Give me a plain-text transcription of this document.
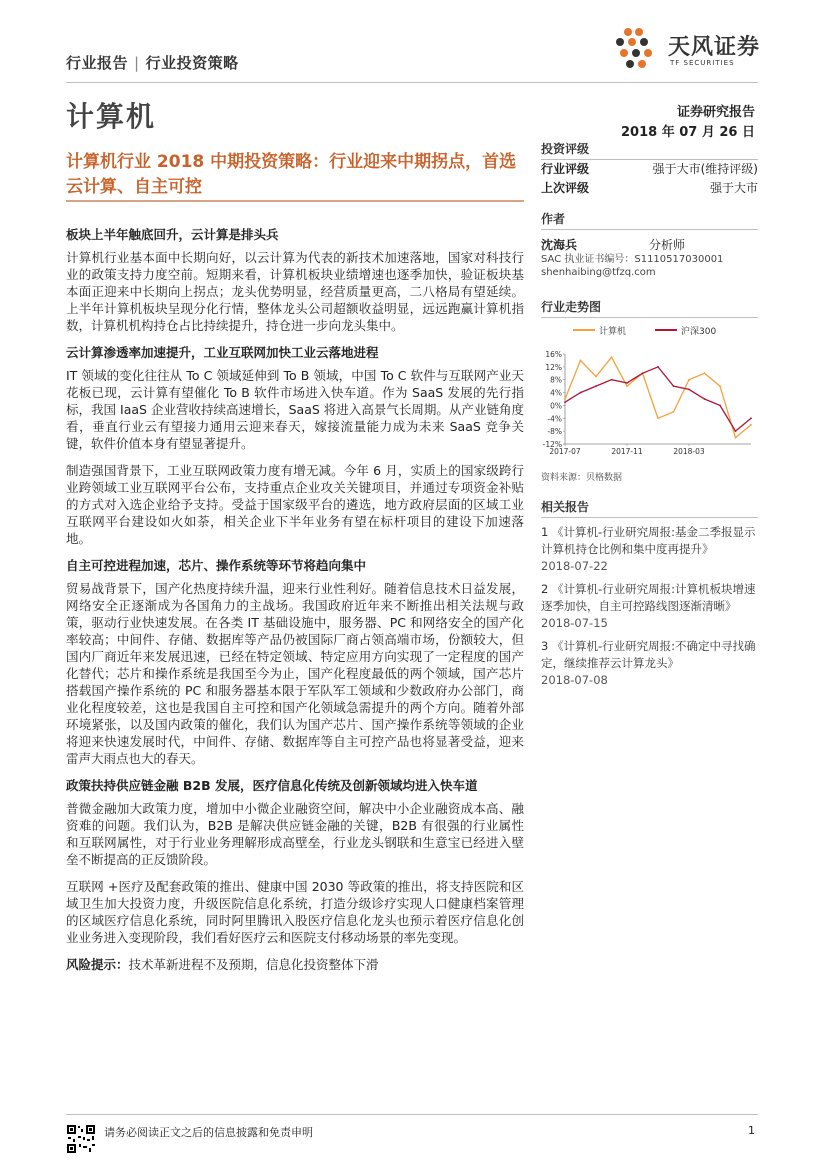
行业报告 | 行业投资策略
计算机
天风证券
TF SECURITIES
证券研究报告
2018 年 07 月 26 日
计算机行业 2018 中期投资策略：行业迎来中期拐点，首选云计算、自主可控
板块上半年触底回升，云计算是排头兵

计算机行业基本面中长期向好，以云计算为代表的新技术加速落地，国家对科技行业的政策支持力度空前。短期来看，计算机板块业绩增速也逐季加快，验证板块基本面正迎来中长期向上拐点；龙头优势明显，经营质量更高，二八格局有望延续。上半年计算机板块呈现分化行情，整体龙头公司超额收益明显，远远跑赢计算机指数，计算机机构持仓占比持续提升，持仓进一步向龙头集中。

云计算渗透率加速提升，工业互联网加快工业云落地进程

IT 领域的变化往往从 To C 领域延伸到 To B 领域，中国 To C 软件与互联网产业天花板已现，云计算有望催化 To B 软件市场进入快车道。作为 SaaS 发展的先行指标，我国 IaaS 企业营收持续高速增长，SaaS 将进入高景气长周期。从产业链角度看，垂直行业云有望接力通用云迎来春天，嫁接流量能力成为未来 SaaS 竞争关键，软件价值本身有望显著提升。

制造强国背景下，工业互联网政策力度有增无减。今年 6 月，实质上的国家级跨行业跨领域工业互联网平台公布，支持重点企业攻关关键项目，并通过专项资金补贴的方式对入选企业给予支持。受益于国家级平台的遴选，地方政府层面的区域工业互联网平台建设如火如荼，相关企业下半年业务有望在标杆项目的建设下加速落地。

自主可控进程加速，芯片、操作系统等环节将趋向集中

贸易战背景下，国产化热度持续升温，迎来行业性利好。随着信息技术日益发展，网络安全正逐渐成为各国角力的主战场。我国政府近年来不断推出相关法规与政策，驱动行业快速发展。在各类 IT 基础设施中，服务器、PC 和网络安全的国产化率较高；中间件、存储、数据库等产品仍被国际厂商占领高端市场，份额较大，但国内厂商近年来发展迅速，已经在特定领域、特定应用方向实现了一定程度的国产化替代；芯片和操作系统是我国至今为止，国产化程度最低的两个领域，国产芯片搭载国产操作系统的 PC 和服务器基本限于军队军工领域和少数政府办公部门，商业化程度较差，这也是我国自主可控和国产化领域急需提升的两个方向。随着外部环境紧张，以及国内政策的催化，我们认为国产芯片、国产操作系统等领域的企业将迎来快速发展时代，中间件、存储、数据库等自主可控产品也将显著受益，迎来雷声大雨点也大的春天。

政策扶持供应链金融 B2B 发展，医疗信息化传统及创新领域均进入快车道

普微金融加大政策力度，增加中小微企业融资空间，解决中小企业融资成本高、融资难的问题。我们认为，B2B 是解决供应链金融的关键，B2B 有很强的行业属性和互联网属性，对于行业业务理解形成高壁垒，行业龙头钢联和生意宝已经进入壁垒不断提高的正反馈阶段。

互联网 +医疗及配套政策的推出、健康中国 2030 等政策的推出，将支持医院和区域卫生加大投资力度，升级医院信息化系统，打造分级诊疗实现人口健康档案管理的区域医疗信息化系统，同时阿里腾讯入股医疗信息化龙头也预示着医疗信息化创业业务进入变现阶段，我们看好医疗云和医院支付移动场景的率先变现。

风险提示：技术革新进程不及预期，信息化投资整体下滑

投资评级
行业评级	强于大市(维持评级)
上次评级	强于大市
作者
沈海兵	分析师
SAC 执业证书编号：S1110517030001
shenhaibing@tfzq.com
行业走势图
16%
12%
8%
4%
0%
-4%
-8%
-12%
2017-07	2017-11	2018-03
计算机	沪深300
资料来源：贝格数据
相关报告
1 《计算机-行业研究周报:基金二季报显示计算机持仓比例和集中度再提升》
2018-07-22
2 《计算机-行业研究周报:计算机板块增速逐季加快，自主可控路线图逐渐清晰》
2018-07-15
3 《计算机-行业研究周报:不确定中寻找确定，继续推荐云计算龙头》
2018-07-08
请务必阅读正文之后的信息披露和免责申明	1
